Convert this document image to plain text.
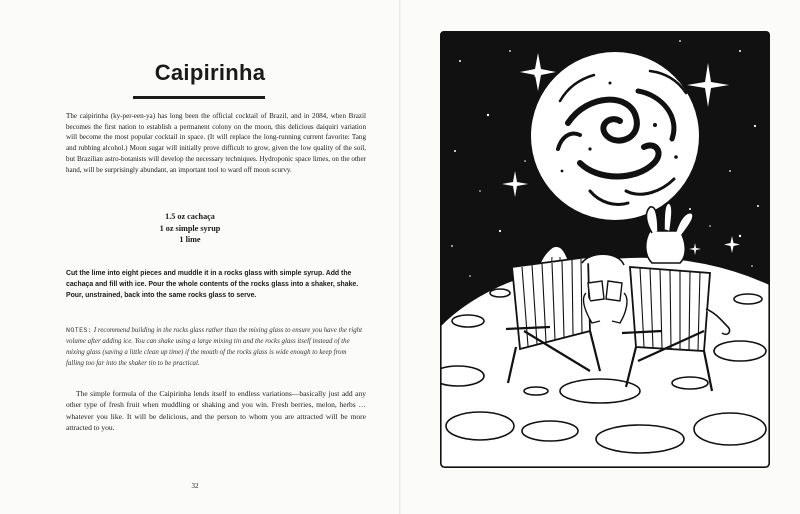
Caipirinha

The caipirinha (ky-per-een-ya) has long been the official cocktail of Brazil, and in 2084, when Brazil becomes the first nation to establish a permanent colony on the moon, this delicious daiquiri variation will become the most popular cocktail in space. (It will replace the long-running current favorite: Tang and rubbing alcohol.) Moon sugar will initially prove difficult to grow, given the low quality of the soil, but Brazilian astro-botanists will develop the necessary techniques. Hydroponic space limes, on the other hand, will be surprisingly abundant, an important tool to ward off moon scurvy.

1.5 oz cachaça
1 oz simple syrup
1 lime

Cut the lime into eight pieces and muddle it in a rocks glass with simple syrup. Add the cachaça and fill with ice. Pour the whole contents of the rocks glass into a shaker, shake. Pour, unstrained, back into the same rocks glass to serve.

NOTES: I recommend building in the rocks glass rather than the mixing glass to ensure you have the right volume after adding ice. You can shake using a large mixing tin and the rocks glass itself instead of the mixing glass (saving a little clean up time) if the mouth of the rocks glass is wide enough to keep from falling too far into the shaker tin to be practical.

The simple formula of the Caipirinha lends itself to endless variations—basically just add any other type of fresh fruit when muddling or shaking and you win. Fresh berries, melon, herbs … whatever you like. It will be delicious, and the person to whom you are attracted will be more attracted to you.

32
